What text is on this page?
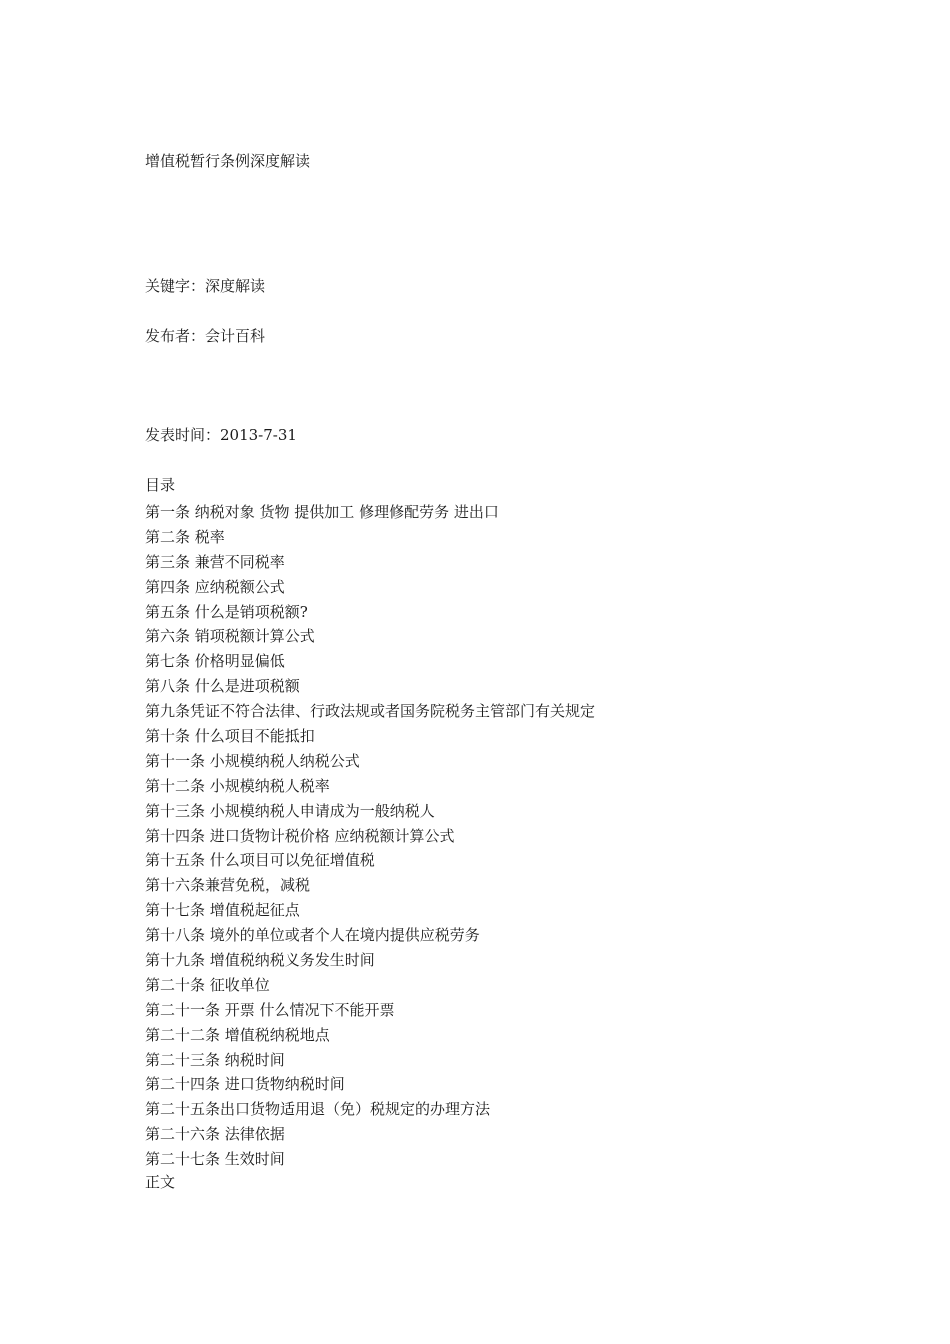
增值税暂行条例深度解读
关键字：深度解读
发布者：会计百科
发表时间：2013-7-31
目录
第一条 纳税对象 货物 提供加工 修理修配劳务 进出口
第二条 税率
第三条 兼营不同税率
第四条 应纳税额公式
第五条 什么是销项税额?
第六条 销项税额计算公式
第七条 价格明显偏低
第八条 什么是进项税额
第九条凭证不符合法律、行政法规或者国务院税务主管部门有关规定
第十条 什么项目不能抵扣
第十一条 小规模纳税人纳税公式
第十二条 小规模纳税人税率
第十三条 小规模纳税人申请成为一般纳税人
第十四条 进口货物计税价格 应纳税额计算公式
第十五条 什么项目可以免征增值税
第十六条兼营免税，减税
第十七条 增值税起征点
第十八条 境外的单位或者个人在境内提供应税劳务
第十九条 增值税纳税义务发生时间
第二十条 征收单位
第二十一条 开票 什么情况下不能开票
第二十二条 增值税纳税地点
第二十三条 纳税时间
第二十四条 进口货物纳税时间
第二十五条出口货物适用退（免）税规定的办理方法
第二十六条 法律依据
第二十七条 生效时间
正文
